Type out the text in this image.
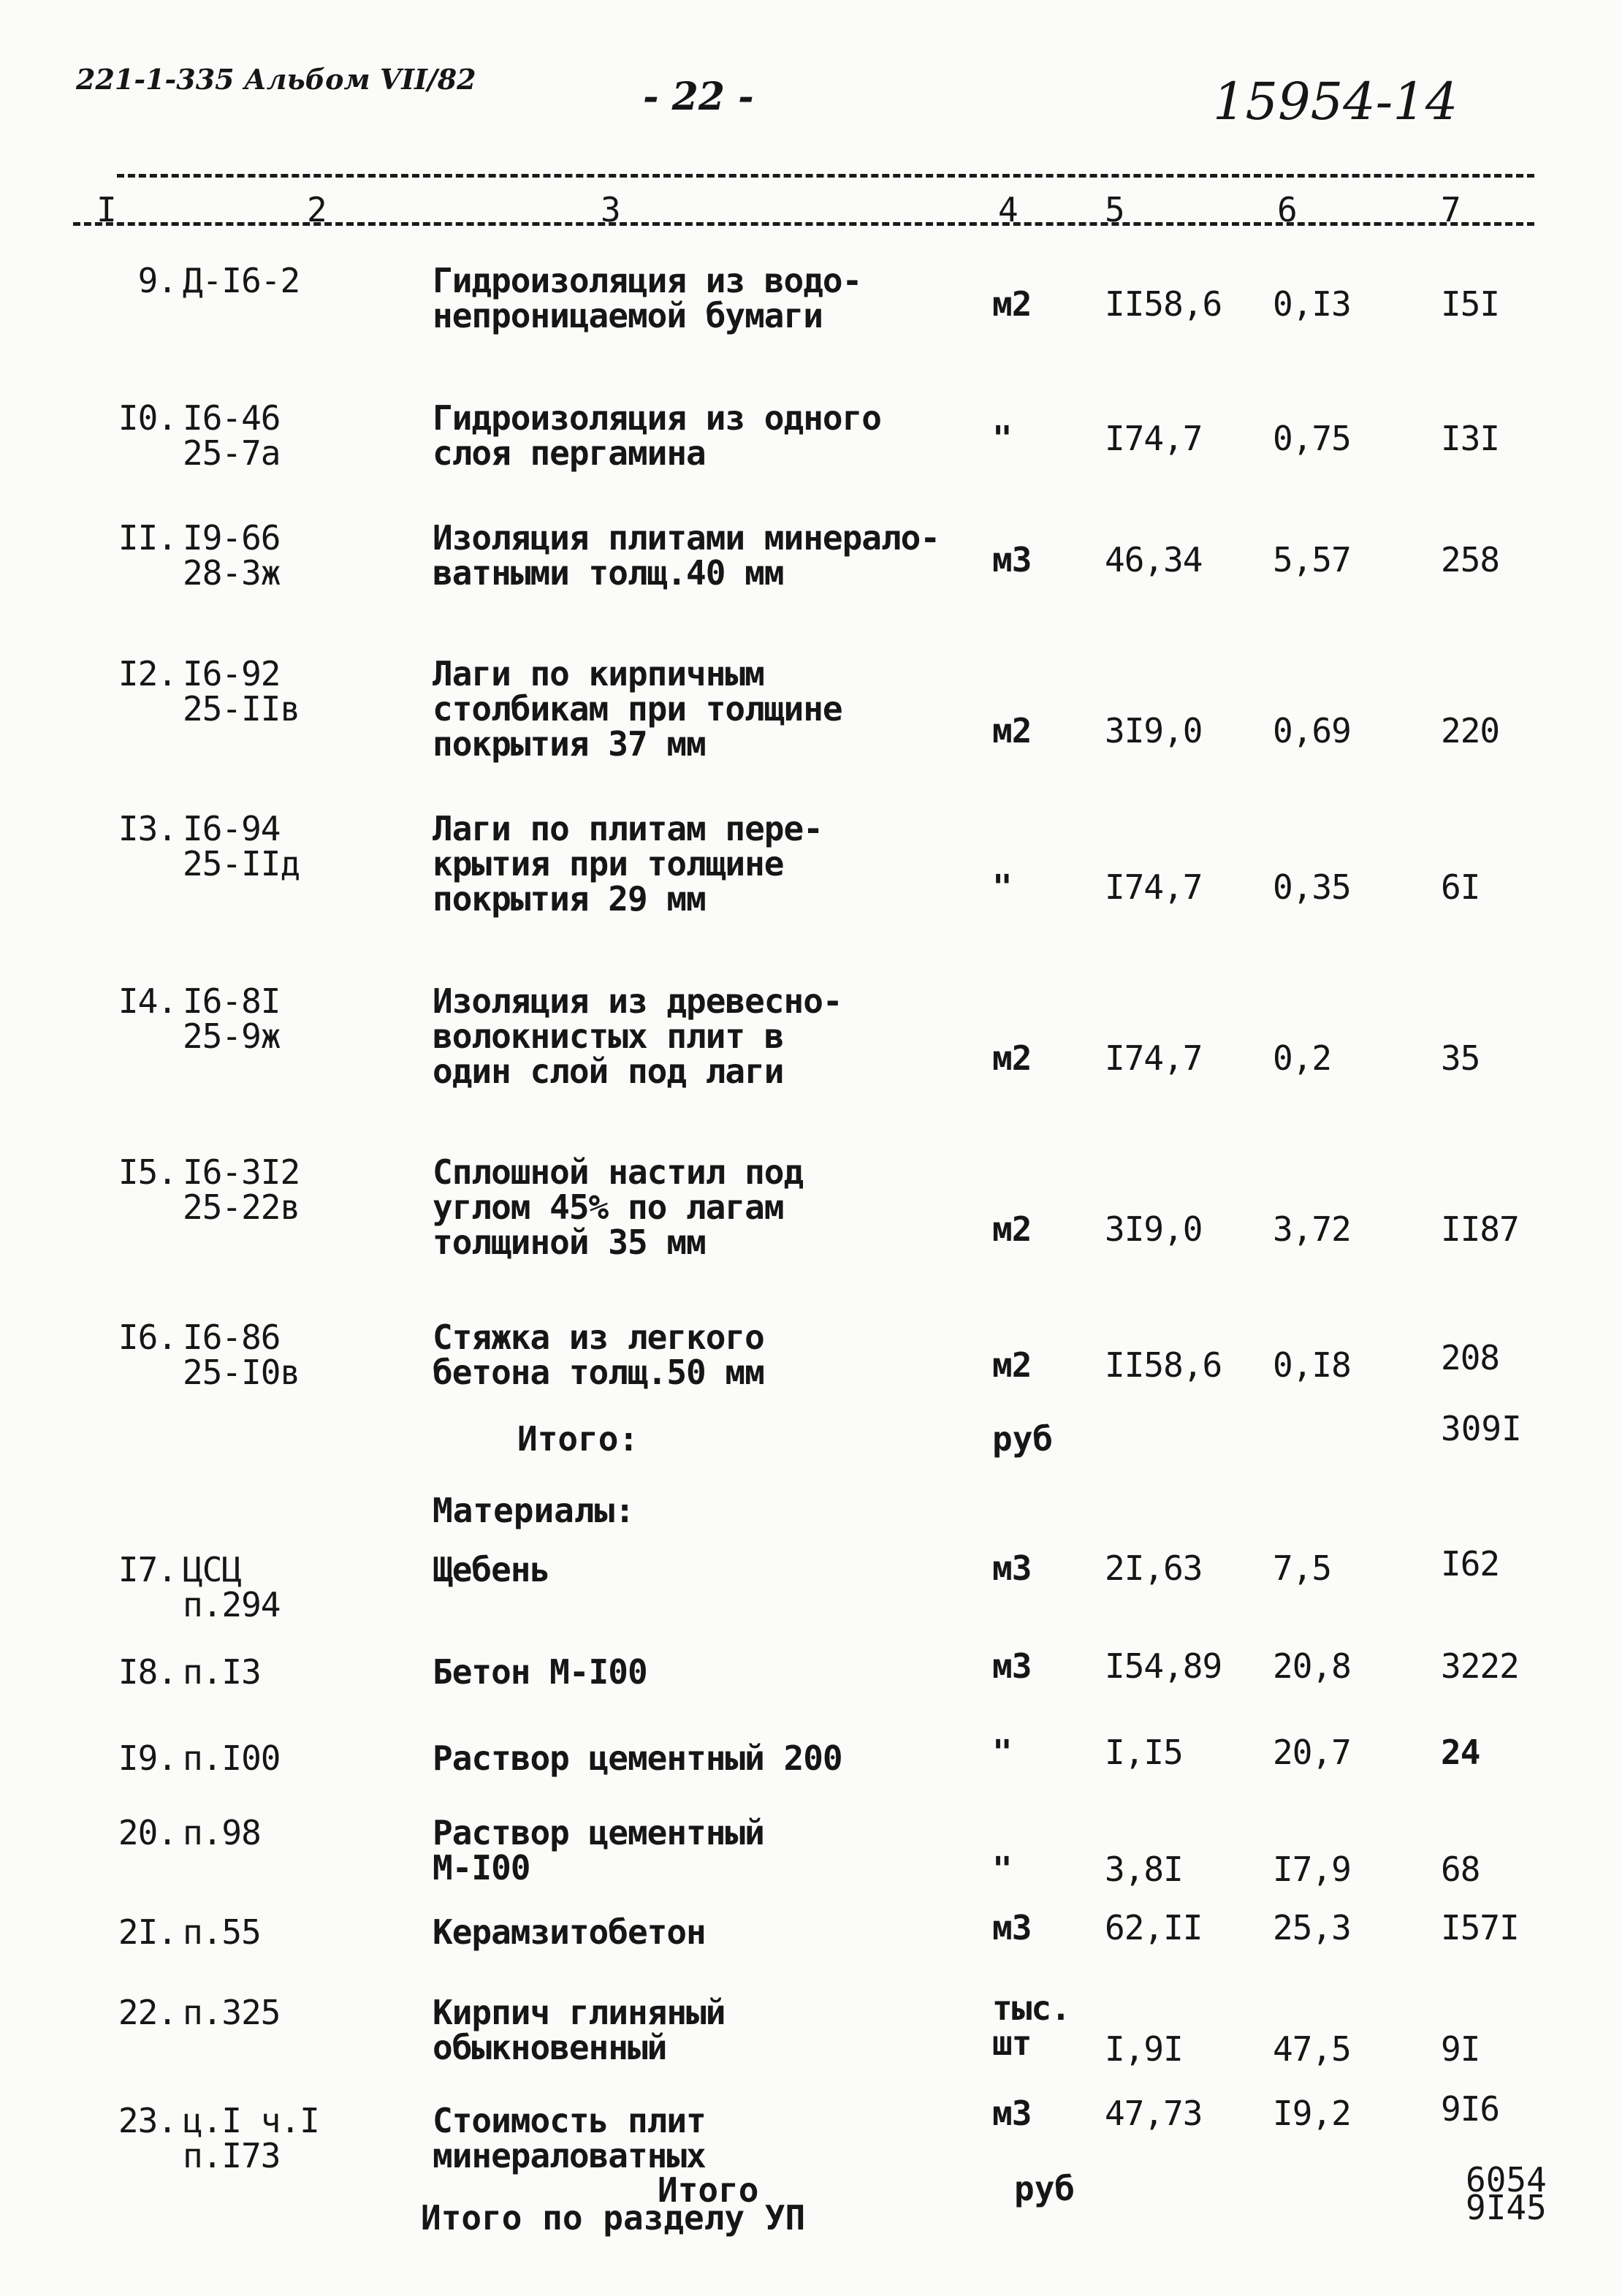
221-1-335 Альбом VII/82	- 22 -	15954-14
I	2	3	4	5	6	7
9. Д-I6-2	Гидроизоляция из водо-
непроницаемой бумаги	м2 II58,6 0,I3	I5I
I0. I6-46
25-7а
Гидроизоляция из одного
слоя пергамина	"	I74,7 0,75	I3I
II. I9-66
28-3ж
Изоляция плитами минерало-
ватными толщ.40 мм	м3 46,34 5,57	258
I2. I6-92
25-IIв
Лаги по кирпичным
столбикам при толщине
покрытия 37 мм	м2 3I9,0 0,69	220
I3. I6-94
25-IIд
Лаги по плитам пере-
крытия при толщине
покрытия 29 мм	"	I74,7 0,35	6I
I4. I6-8I
25-9ж
Изоляция из древесно-
волокнистых плит в
один слой под лаги	м2 I74,7 0,2	35
I5. I6-3I2
25-22в
Сплошной настил под
углом 45% по лагам
толщиной 35 мм	м2 3I9,0 3,72	II87
I6. I6-86
25-I0в
Стяжка из легкого
бетона толщ.50 мм	м2 II58,6 0,I8	208
Итого:	руб	309I
Материалы:
I7. ЦСЦ
п.294
Щебень	м3 2I,63 7,5	I62
I8. п.I3	Бетон М-I00	м3 I54,89 20,8	3222
I9. п.I00	Раствор цементный 200	"	I,I5	20,7	24
20. п.98	Раствор цементный
М-I00	"	3,8I	I7,9	68
2I. п.55	Керамзитобетон	м3 62,II 25,3	I57I
22. п.325	Кирпич глиняный
обыкновенный
тыс.
шт	I,9I	47,5	9I
23. ц.I ч.I
п.I73
Стоимость плит
минераловатных
м3 47,73 I9,2	9I6
Итого	руб	6054
Итого по разделу УП	9I45
